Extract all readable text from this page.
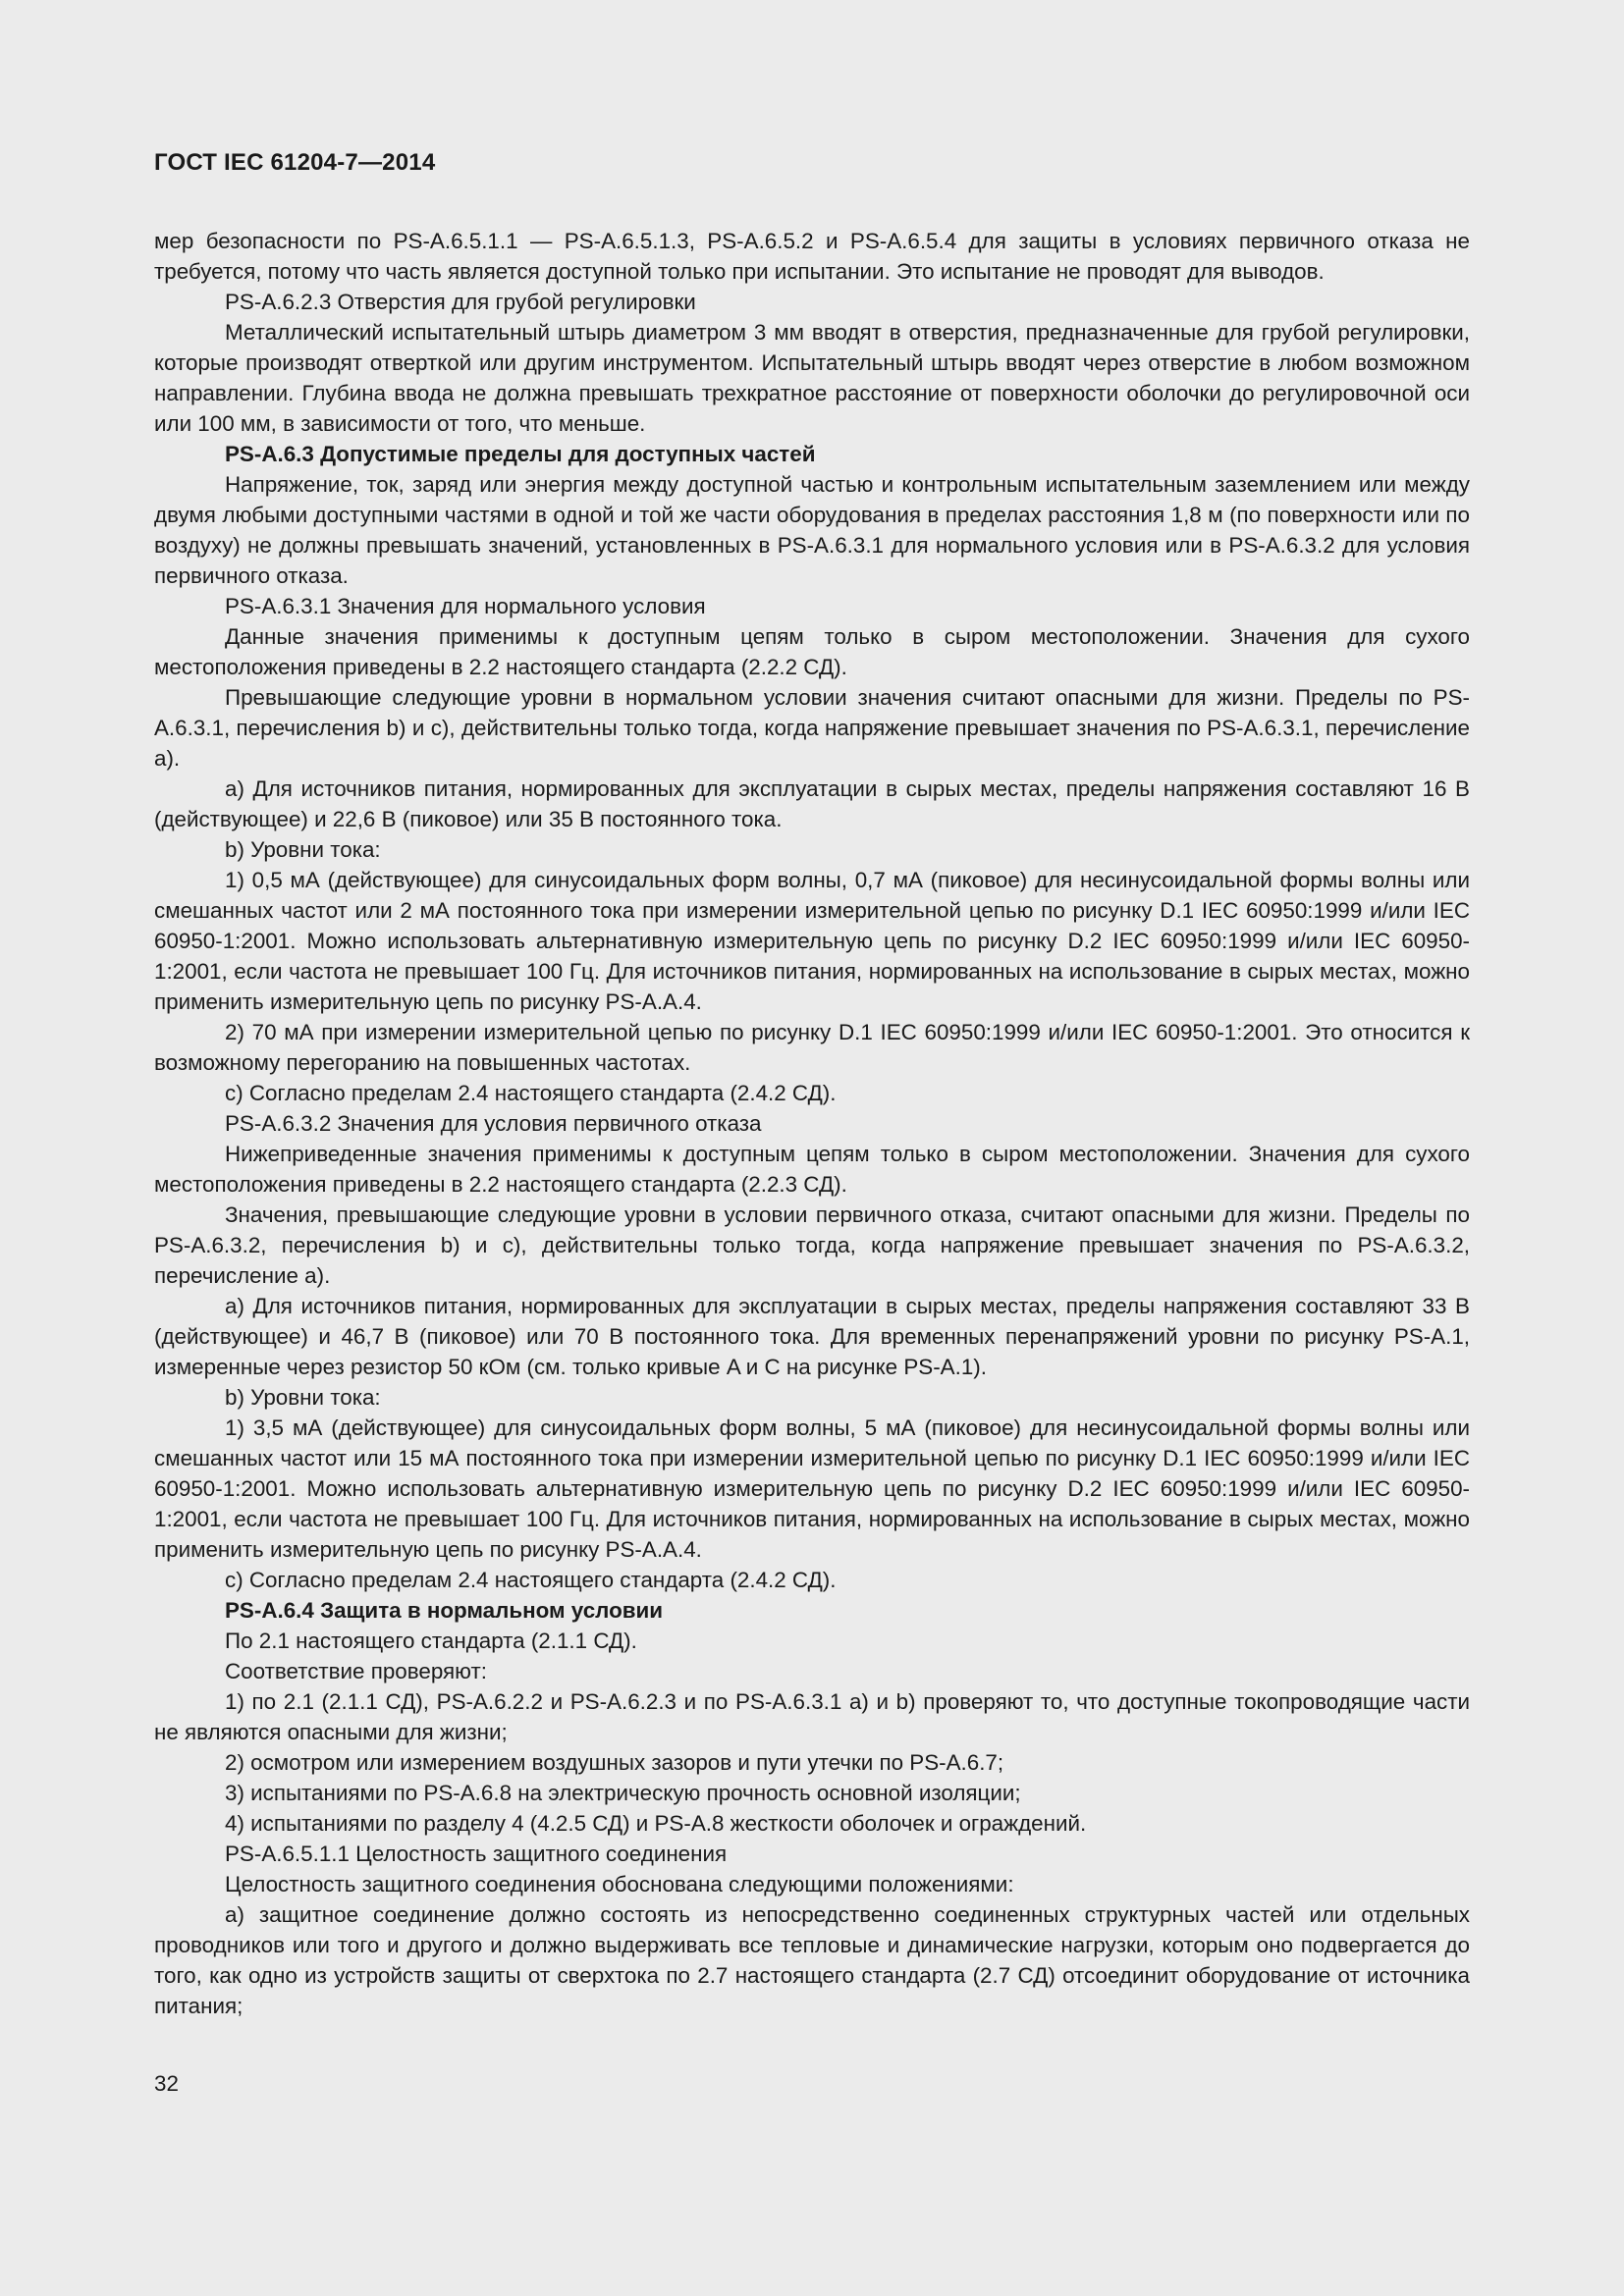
ГОСТ IEC 61204-7—2014

мер безопасности по PS-A.6.5.1.1 — PS-A.6.5.1.3, PS-A.6.5.2 и PS-A.6.5.4 для защиты в условиях первичного отказа не требуется, потому что часть является доступной только при испытании. Это испытание не проводят для выводов.

PS-A.6.2.3 Отверстия для грубой регулировки

Металлический испытательный штырь диаметром 3 мм вводят в отверстия, предназначенные для грубой регулировки, которые производят отверткой или другим инструментом. Испытательный штырь вводят через отверстие в любом возможном направлении. Глубина ввода не должна превышать трехкратное расстояние от поверхности оболочки до регулировочной оси или 100 мм, в зависимости от того, что меньше.

PS-A.6.3 Допустимые пределы для доступных частей

Напряжение, ток, заряд или энергия между доступной частью и контрольным испытательным заземлением или между двумя любыми доступными частями в одной и той же части оборудования в пределах расстояния 1,8 м (по поверхности или по воздуху) не должны превышать значений, установленных в PS-A.6.3.1 для нормального условия или в PS-A.6.3.2 для условия первичного отказа.

PS-A.6.3.1 Значения для нормального условия

Данные значения применимы к доступным цепям только в сыром местоположении. Значения для сухого местоположения приведены в 2.2 настоящего стандарта (2.2.2 СД).

Превышающие следующие уровни в нормальном условии значения считают опасными для жизни. Пределы по PS-A.6.3.1, перечисления b) и c), действительны только тогда, когда напряжение превышает значения по PS-A.6.3.1, перечисление a).

a) Для источников питания, нормированных для эксплуатации в сырых местах, пределы напряжения составляют 16 В (действующее) и 22,6 В (пиковое) или 35 В постоянного тока.

b) Уровни тока:

1) 0,5 мА (действующее) для синусоидальных форм волны, 0,7 мА (пиковое) для несинусоидальной формы волны или смешанных частот или 2 мА постоянного тока при измерении измерительной цепью по рисунку D.1 IEC 60950:1999 и/или IEC 60950-1:2001. Можно использовать альтернативную измерительную цепь по рисунку D.2 IEC 60950:1999 и/или IEC 60950-1:2001, если частота не превышает 100 Гц. Для источников питания, нормированных на использование в сырых местах, можно применить измерительную цепь по рисунку PS-A.A.4.

2) 70 мА при измерении измерительной цепью по рисунку D.1 IEC 60950:1999 и/или IEC 60950-1:2001. Это относится к возможному перегоранию на повышенных частотах.

c) Согласно пределам 2.4 настоящего стандарта (2.4.2 СД).

PS-A.6.3.2 Значения для условия первичного отказа

Нижеприведенные значения применимы к доступным цепям только в сыром местоположении. Значения для сухого местоположения приведены в 2.2 настоящего стандарта (2.2.3 СД).

Значения, превышающие следующие уровни в условии первичного отказа, считают опасными для жизни. Пределы по PS-A.6.3.2, перечисления b) и c), действительны только тогда, когда напряжение превышает значения по PS-A.6.3.2, перечисление a).

a) Для источников питания, нормированных для эксплуатации в сырых местах, пределы напряжения составляют 33 В (действующее) и 46,7 В (пиковое) или 70 В постоянного тока. Для временных перенапряжений уровни по рисунку PS-A.1, измеренные через резистор 50 кОм (см. только кривые A и C на рисунке PS-A.1).

b) Уровни тока:

1) 3,5 мА (действующее) для синусоидальных форм волны, 5 мА (пиковое) для несинусоидальной формы волны или смешанных частот или 15 мА постоянного тока при измерении измерительной цепью по рисунку D.1 IEC 60950:1999 и/или IEC 60950-1:2001. Можно использовать альтернативную измерительную цепь по рисунку D.2 IEC 60950:1999 и/или IEC 60950-1:2001, если частота не превышает 100 Гц. Для источников питания, нормированных на использование в сырых местах, можно применить измерительную цепь по рисунку PS-A.A.4.

c) Согласно пределам 2.4 настоящего стандарта (2.4.2 СД).

PS-A.6.4 Защита в нормальном условии

По 2.1 настоящего стандарта (2.1.1 СД).

Соответствие проверяют:

1) по 2.1 (2.1.1 СД), PS-A.6.2.2 и PS-A.6.2.3 и по PS-A.6.3.1 a) и b) проверяют то, что доступные токопроводящие части не являются опасными для жизни;

2) осмотром или измерением воздушных зазоров и пути утечки по PS-A.6.7;

3) испытаниями по PS-A.6.8 на электрическую прочность основной изоляции;

4) испытаниями по разделу 4 (4.2.5 СД) и PS-A.8 жесткости оболочек и ограждений.

PS-A.6.5.1.1 Целостность защитного соединения

Целостность защитного соединения обоснована следующими положениями:

a) защитное соединение должно состоять из непосредственно соединенных структурных частей или отдельных проводников или того и другого и должно выдерживать все тепловые и динамические нагрузки, которым оно подвергается до того, как одно из устройств защиты от сверхтока по 2.7 настоящего стандарта (2.7 СД) отсоединит оборудование от источника питания;

32
